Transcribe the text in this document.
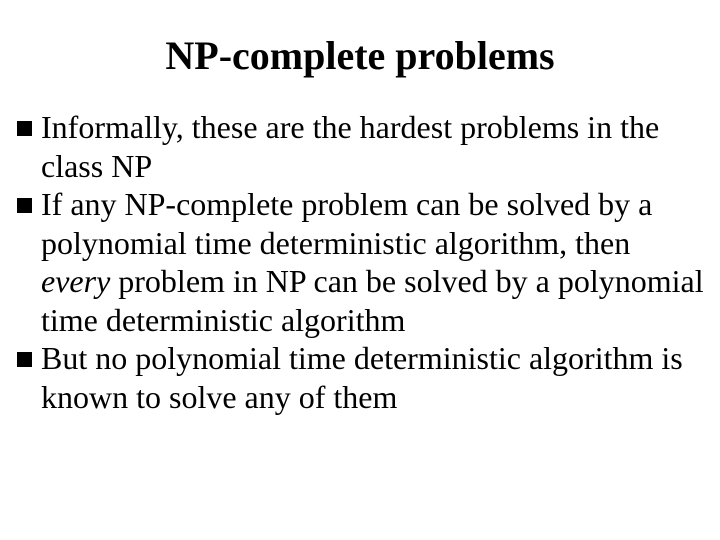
NP-complete problems
Informally, these are the hardest problems in the class NP
If any NP-complete problem can be solved by a polynomial time deterministic algorithm, then every problem in NP can be solved by a polynomial time deterministic algorithm
But no polynomial time deterministic algorithm is known to solve any of them
